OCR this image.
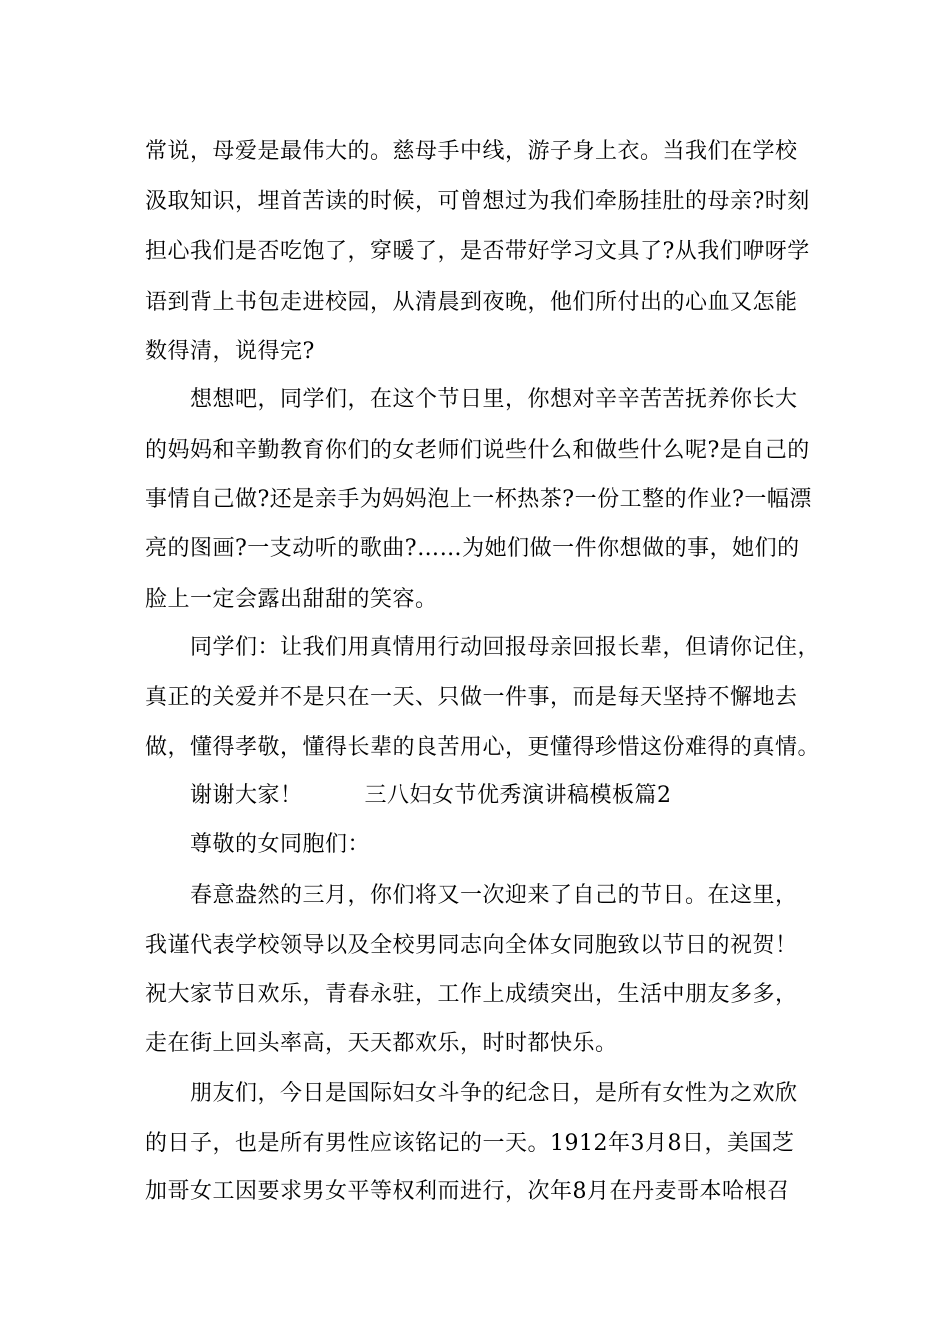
常说，母爱是最伟大的。慈母手中线，游子身上衣。当我们在学校
汲取知识，埋首苦读的时候，可曾想过为我们牵肠挂肚的母亲?时刻
担心我们是否吃饱了，穿暖了，是否带好学习文具了?从我们咿呀学
语到背上书包走进校园，从清晨到夜晚，他们所付出的心血又怎能
数得清，说得完?
想想吧，同学们，在这个节日里，你想对辛辛苦苦抚养你长大
的妈妈和辛勤教育你们的女老师们说些什么和做些什么呢?是自己的
事情自己做?还是亲手为妈妈泡上一杯热茶?一份工整的作业?一幅漂
亮的图画?一支动听的歌曲?……为她们做一件你想做的事，她们的
脸上一定会露出甜甜的笑容。
同学们：让我们用真情用行动回报母亲回报长辈，但请你记住，
真正的关爱并不是只在一天、只做一件事，而是每天坚持不懈地去
做，懂得孝敬，懂得长辈的良苦用心，更懂得珍惜这份难得的真情。
谢谢大家！	三八妇女节优秀演讲稿模板篇2
尊敬的女同胞们：
春意盎然的三月，你们将又一次迎来了自己的节日。在这里，
我谨代表学校领导以及全校男同志向全体女同胞致以节日的祝贺！
祝大家节日欢乐，青春永驻，工作上成绩突出，生活中朋友多多，
走在街上回头率高，天天都欢乐，时时都快乐。
朋友们，今日是国际妇女斗争的纪念日，是所有女性为之欢欣
的日子，也是所有男性应该铭记的一天。1912年3月8日，美国芝
加哥女工因要求男女平等权利而进行，次年8月在丹麦哥本哈根召
